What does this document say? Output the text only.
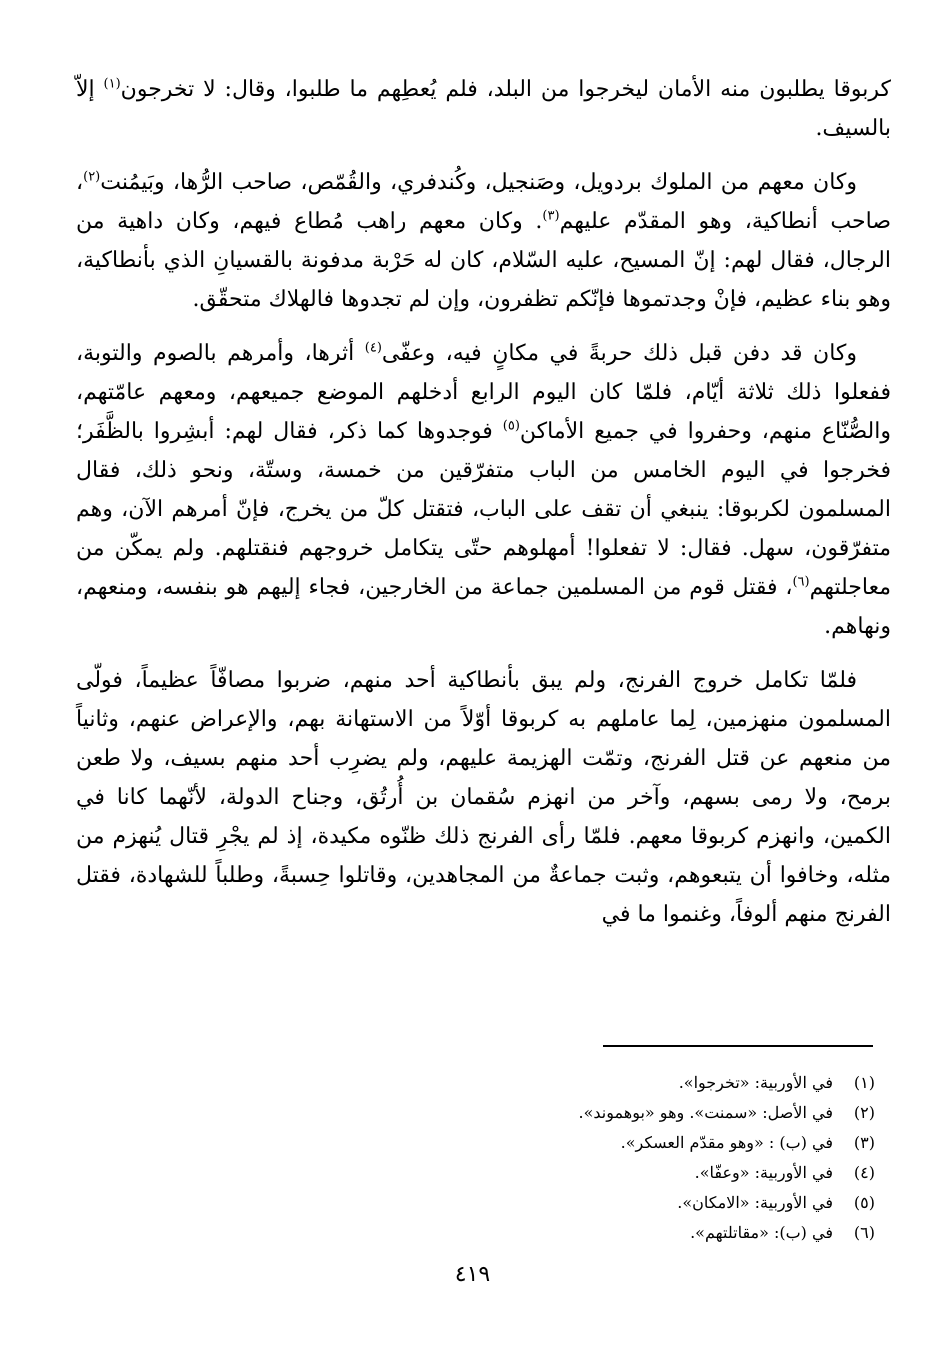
كربوقا يطلبون منه الأمان ليخرجوا من البلد، فلم يُعطِهم ما طلبوا، وقال: لا تخرجون$^{(١)}$ إلاّ بالسيف.

وكان معهم من الملوك بردويل، وصَنجيل، وكُندفري، والقُمّص، صاحب الرُّها، وبَيمُنت$^{(٢)}$، صاحب أنطاكية، وهو المقدّم عليهم$^{(٣)}$. وكان معهم راهب مُطاع فيهم، وكان داهية من الرجال، فقال لهم: إنّ المسيح، عليه السّلام، كان له حَرْبة مدفونة بالقسيانِ الذي بأنطاكية، وهو بناء عظيم، فإنْ وجدتموها فإنّكم تظفرون، وإن لم تجدوها فالهلاك متحقّق.

وكان قد دفن قبل ذلك حربةً في مكانٍ فيه، وعفّى$^{(٤)}$ أثرها، وأمرهم بالصوم والتوبة، ففعلوا ذلك ثلاثة أيّام، فلمّا كان اليوم الرابع أدخلهم الموضع جميعهم، ومعهم عامّتهم، والصُّنّاع منهم، وحفروا في جميع الأماكن$^{(٥)}$ فوجدوها كما ذكر، فقال لهم: أبشِروا بالظَّفَر؛ فخرجوا في اليوم الخامس من الباب متفرّقين من خمسة، وستّة، ونحو ذلك، فقال المسلمون لكربوقا: ينبغي أن تقف على الباب، فتقتل كلّ من يخرج، فإنّ أمرهم الآن، وهم متفرّقون، سهل. فقال: لا تفعلوا! أمهلوهم حتّى يتكامل خروجهم فنقتلهم. ولم يمكّن من معاجلتهم$^{(٦)}$، فقتل قوم من المسلمين جماعة من الخارجين، فجاء إليهم هو بنفسه، ومنعهم، ونهاهم.

فلمّا تكامل خروج الفرنج، ولم يبق بأنطاكية أحد منهم، ضربوا مصافّاً عظيماً، فولّى المسلمون منهزمين، لِما عاملهم به كربوقا أوّلاً من الاستهانة بهم، والإعراض عنهم، وثانياً من منعهم عن قتل الفرنج، وتمّت الهزيمة عليهم، ولم يضرِب أحد منهم بسيف، ولا طعن برمح، ولا رمى بسهم، وآخر من انهزم سُقمان بن أُرتُق، وجناح الدولة، لأنّهما كانا في الكمين، وانهزم كربوقا معهم. فلمّا رأى الفرنج ذلك ظنّوه مكيدة، إذ لم يجْرِ قتال يُنهزم من مثله، وخافوا أن يتبعوهم، وثبت جماعةٌ من المجاهدين، وقاتلوا حِسبةً، وطلباً للشهادة، فقتل الفرنج منهم ألوفاً، وغنموا ما في

(١)
في الأوربية: «تخرجوا».
(٢)
في الأصل: «سمنت». وهو «بوهموند».
(٣)
في (ب) : «وهو مقدّم العسكر».
(٤)
في الأوربية: «وعفّا».
(٥)
في الأوربية: «الامكان».
(٦)
في (ب): «مقاتلتهم».
٤١٩
